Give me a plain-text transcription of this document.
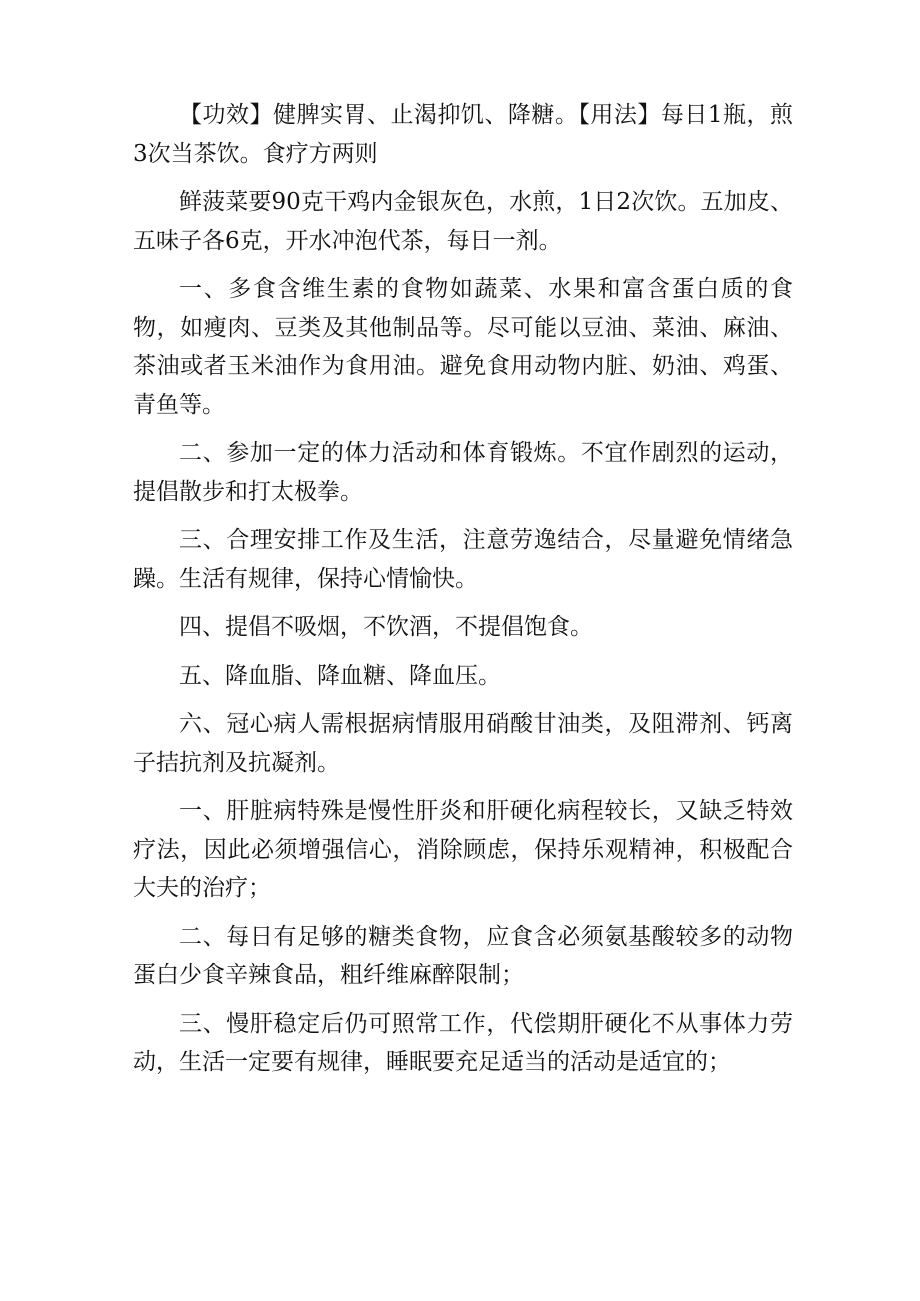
【功效】健脾实胃、止渴抑饥、降糖。【用法】每日1瓶，煎3次当茶饮。食疗方两则

鲜菠菜要90克干鸡内金银灰色，水煎，1日2次饮。五加皮、五味子各6克，开水冲泡代茶，每日一剂。

一、多食含维生素的食物如蔬菜、水果和富含蛋白质的食物，如瘦肉、豆类及其他制品等。尽可能以豆油、菜油、麻油、茶油或者玉米油作为食用油。避免食用动物内脏、奶油、鸡蛋、青鱼等。

二、参加一定的体力活动和体育锻炼。不宜作剧烈的运动，提倡散步和打太极拳。

三、合理安排工作及生活，注意劳逸结合，尽量避免情绪急躁。生活有规律，保持心情愉快。

四、提倡不吸烟，不饮酒，不提倡饱食。

五、降血脂、降血糖、降血压。

六、冠心病人需根据病情服用硝酸甘油类，及阻滞剂、钙离子拮抗剂及抗凝剂。

一、肝脏病特殊是慢性肝炎和肝硬化病程较长，又缺乏特效疗法，因此必须增强信心，消除顾虑，保持乐观精神，积极配合大夫的治疗；

二、每日有足够的糖类食物，应食含必须氨基酸较多的动物蛋白少食辛辣食品，粗纤维麻醉限制；

三、慢肝稳定后仍可照常工作，代偿期肝硬化不从事体力劳动，生活一定要有规律，睡眠要充足适当的活动是适宜的；
